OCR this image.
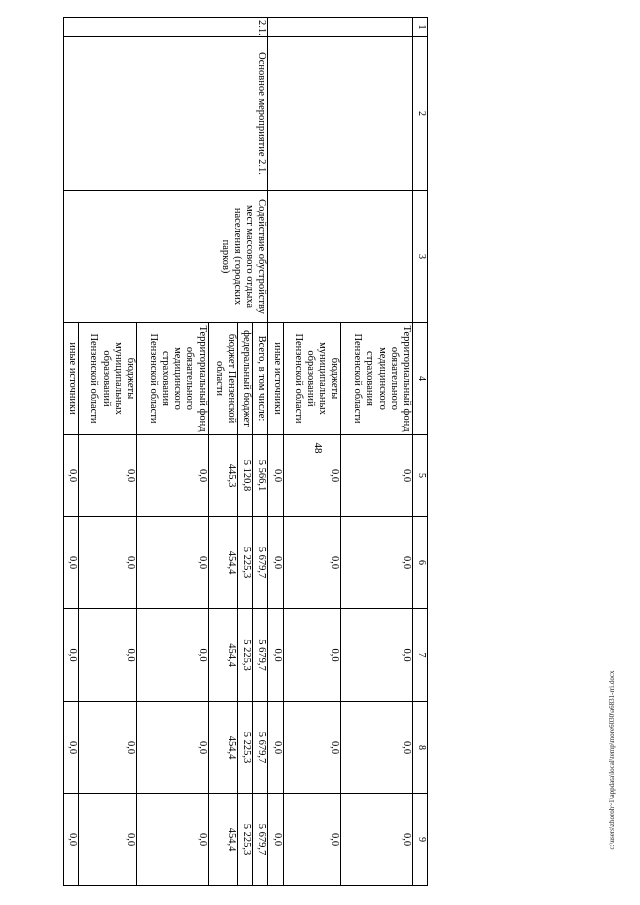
48
1	2	3	4	5	6	7	8	9
			Территориальный фонд обязательного медицинского страхования Пензенской области	0,0	0,0	0,0	0,0	0,0
			бюджеты муниципальных образований Пензенской области	0,0	0,0	0,0	0,0	0,0
			иные источники	0,0	0,0	0,0	0,0	0,0
2.1.	Основное мероприятие 2.1.	Содействие обустройству мест массового отдыха населения (городских парков)	Всего, в том числе:	5 566,1	5 679,7	5 679,7	5 679,7	5 679,7
			федеральный бюджет	5 120,8	5 225,3	5 225,3	5 225,3	5 225,3
			бюджет Пензенской области	445,3	454,4	454,4	454,4	454,4
			Территориальный фонд обязательного медицинского страхования Пензенской области	0,0	0,0	0,0	0,0	0,0
			бюджеты муниципальных образований Пензенской области	0,0	0,0	0,0	0,0	0,0
			иные источники	0,0	0,0	0,0	0,0	0,0	c:\users\zhoroh~1\appdata\local\temp\more6030\a6831-rri.docx
